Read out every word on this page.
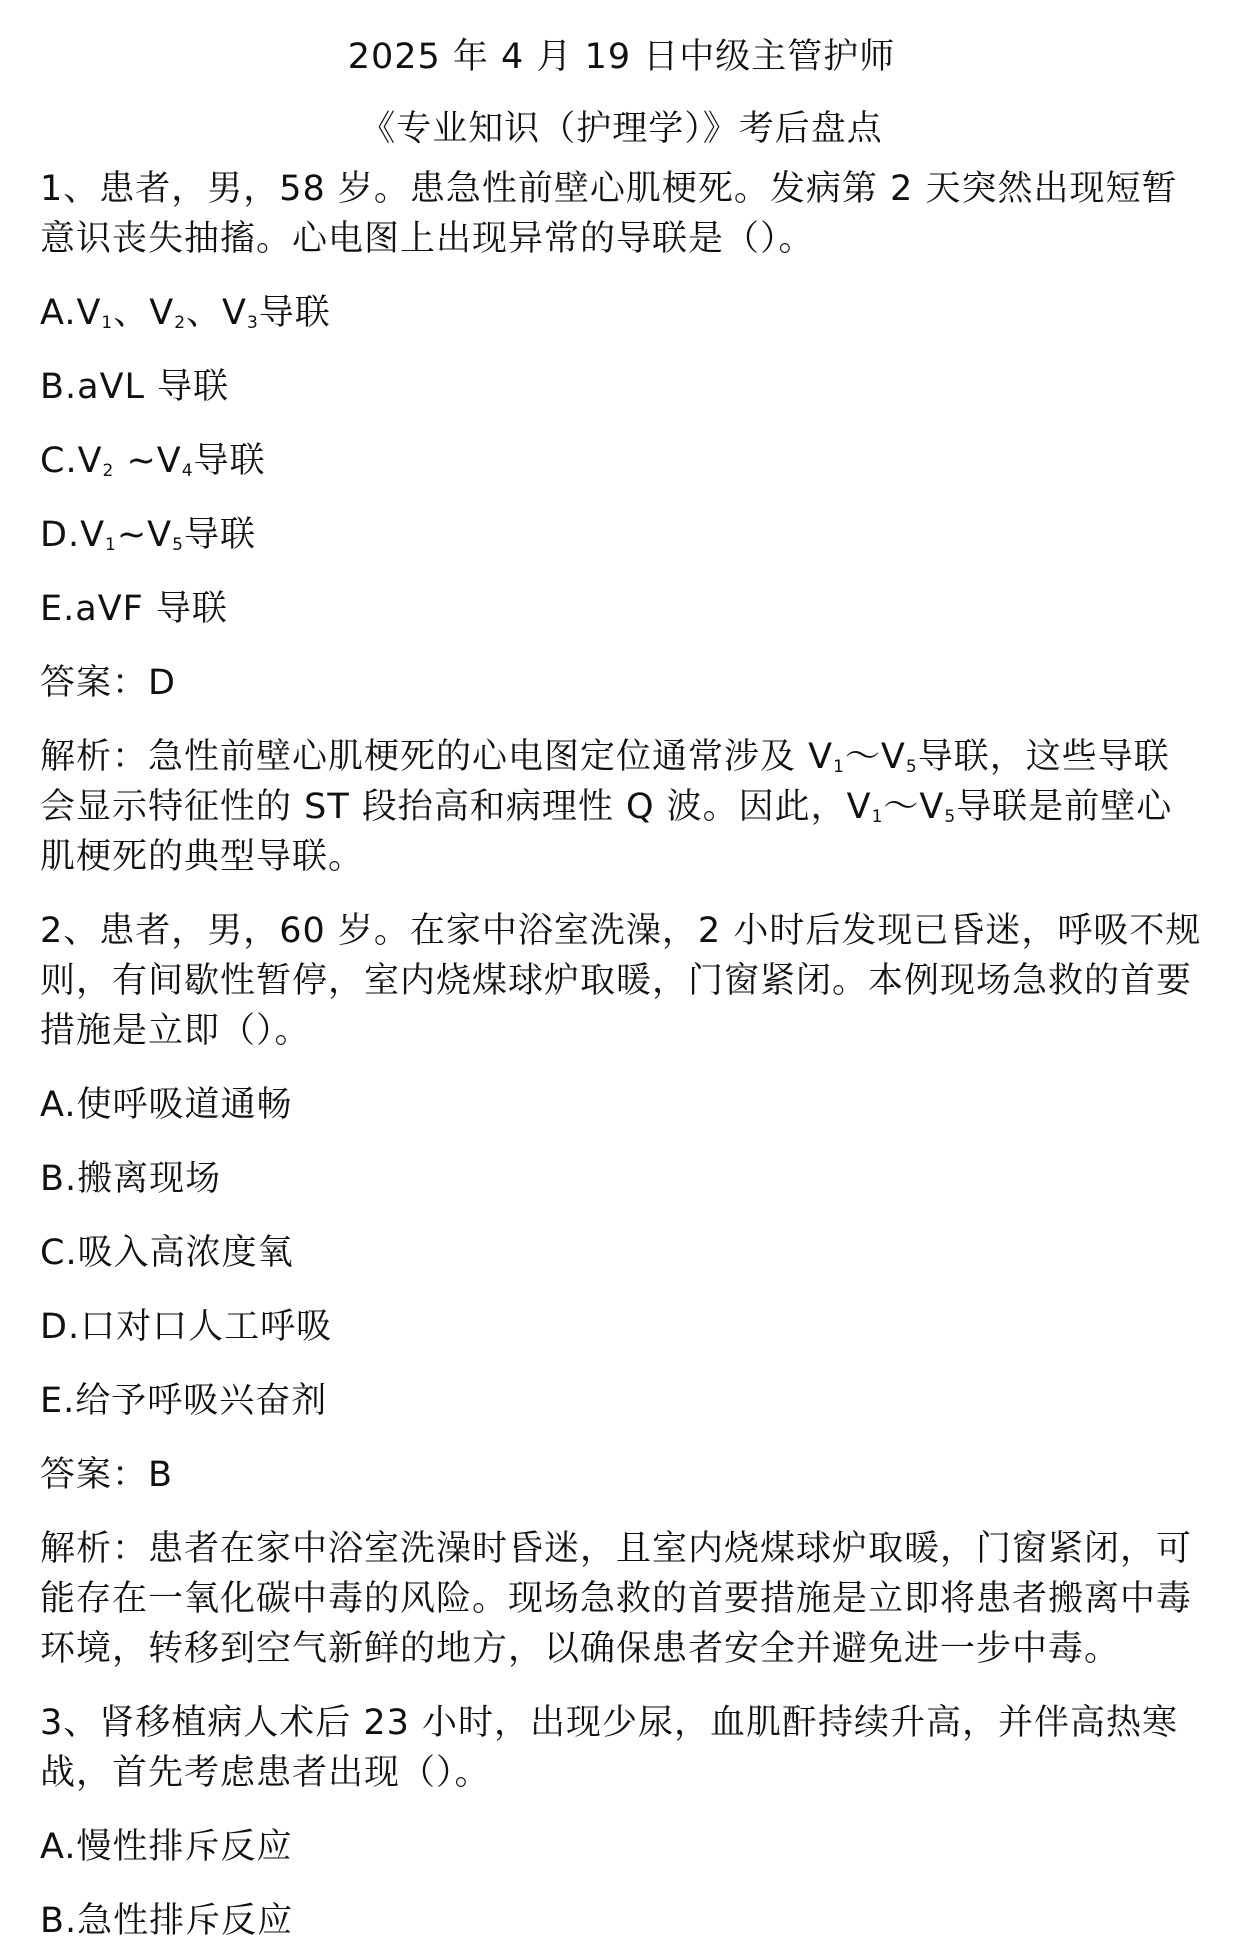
2025 年 4 月 19 日中级主管护师

《专业知识（护理学）》考后盘点

1、患者，男，58 岁。患急性前壁心肌梗死。发病第 2 天突然出现短暂意识丧失抽搐。心电图上出现异常的导联是（）。

$A.V_1$、$V_2$、$V_3$导联

B.aVL 导联

$C.V_2$ $\sim V_4$导联

$D.V_1\sim V_5$导联

E.aVF 导联

答案：D

解析：急性前壁心肌梗死的心电图定位通常涉及 $V_1\sim V_5$导联，这些导联会显示特征性的 ST 段抬高和病理性 Q 波。因此，$V_1\sim V_5$导联是前壁心肌梗死的典型导联。

2、患者，男，60 岁。在家中浴室洗澡，2 小时后发现已昏迷，呼吸不规则，有间歇性暂停，室内烧煤球炉取暖，门窗紧闭。本例现场急救的首要措施是立即（）。

A.使呼吸道通畅

B.搬离现场

C.吸入高浓度氧

D.口对口人工呼吸

E.给予呼吸兴奋剂

答案：B

解析：患者在家中浴室洗澡时昏迷，且室内烧煤球炉取暖，门窗紧闭，可能存在一氧化碳中毒的风险。现场急救的首要措施是立即将患者搬离中毒环境，转移到空气新鲜的地方，以确保患者安全并避免进一步中毒。

3、肾移植病人术后 23 小时，出现少尿，血肌酐持续升高，并伴高热寒战，首先考虑患者出现（）。

A.慢性排斥反应

B.急性排斥反应
